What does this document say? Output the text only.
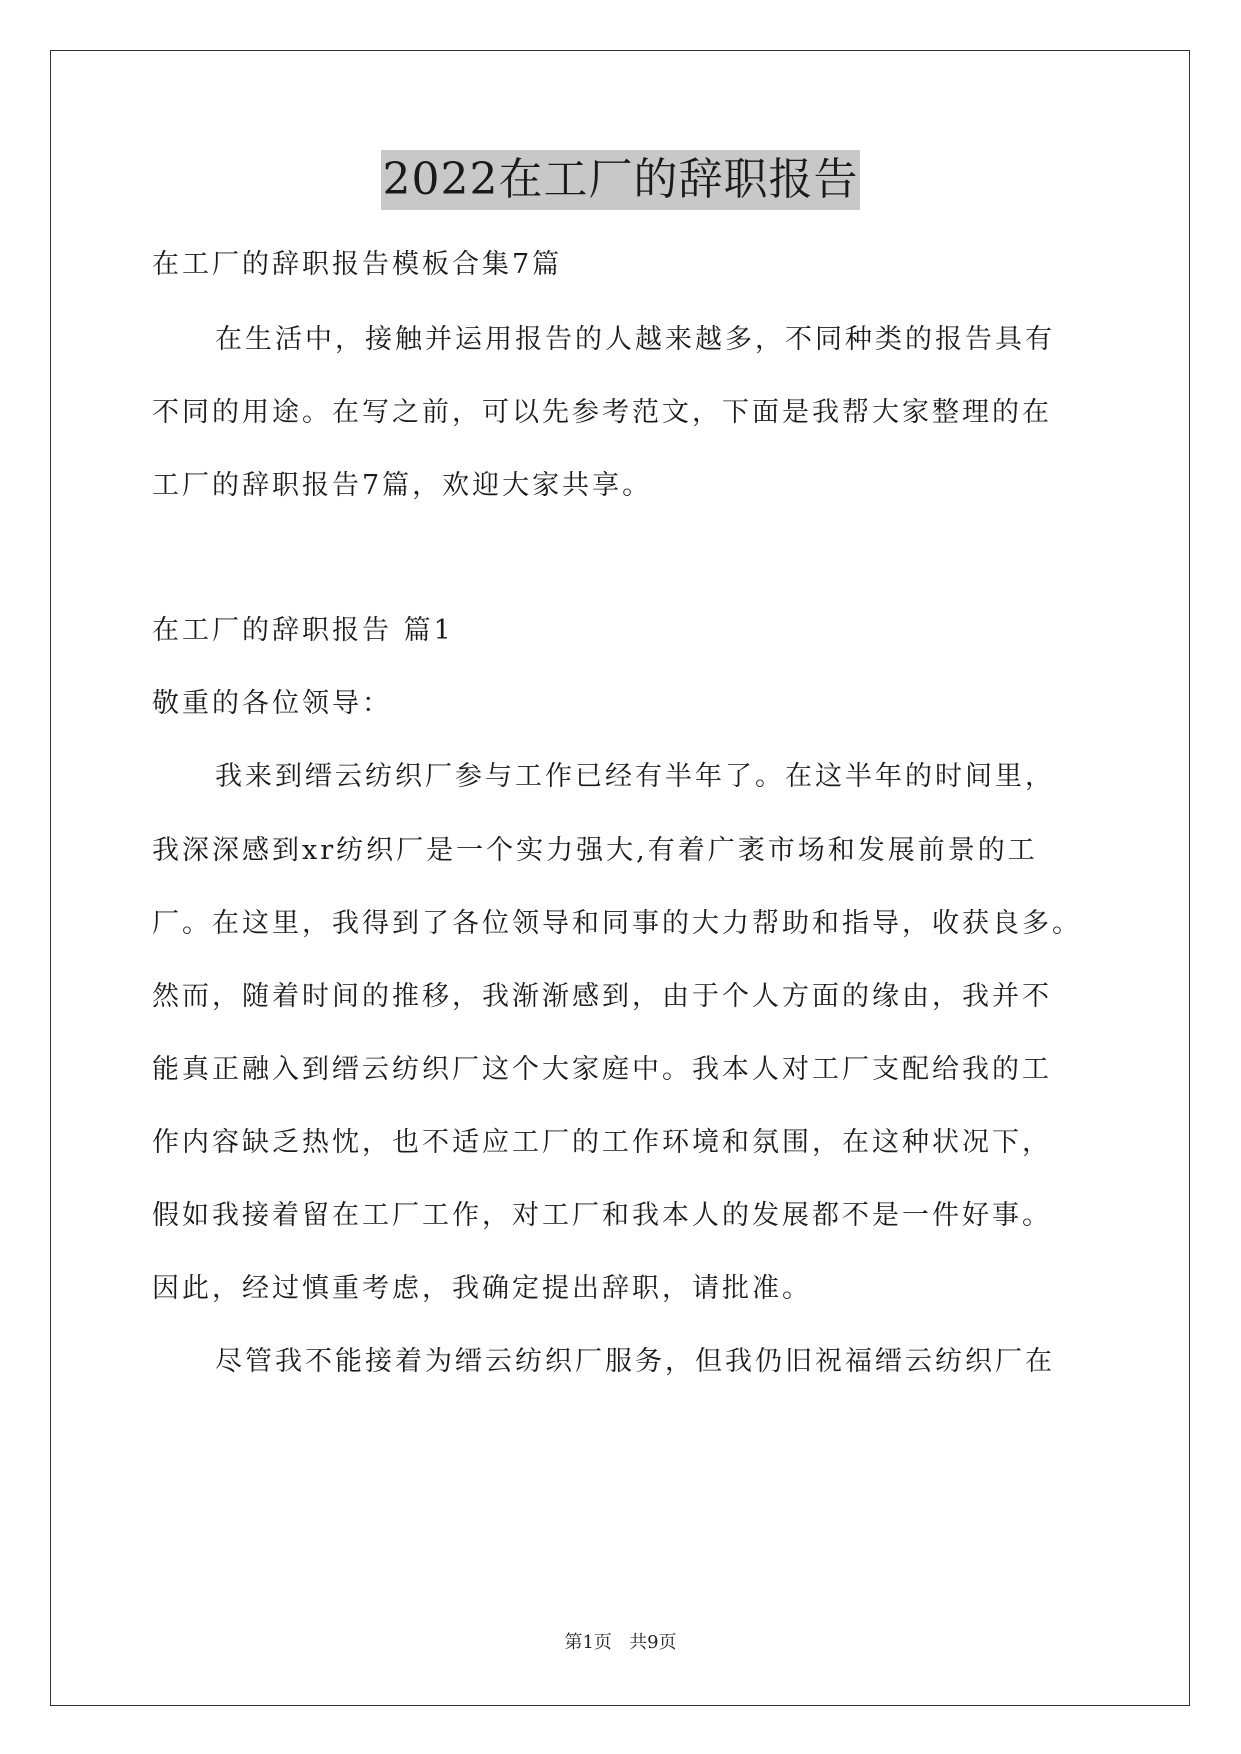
2022在工厂的辞职报告
在工厂的辞职报告模板合集7篇
在生活中，接触并运用报告的人越来越多，不同种类的报告具有
不同的用途。在写之前，可以先参考范文，下面是我帮大家整理的在
工厂的辞职报告7篇，欢迎大家共享。
在工厂的辞职报告 篇1
敬重的各位领导：
我来到缙云纺织厂参与工作已经有半年了。在这半年的时间里，
我深深感到xr纺织厂是一个实力强大,有着广袤市场和发展前景的工
厂。在这里，我得到了各位领导和同事的大力帮助和指导，收获良多。
然而，随着时间的推移，我渐渐感到，由于个人方面的缘由，我并不
能真正融入到缙云纺织厂这个大家庭中。我本人对工厂支配给我的工
作内容缺乏热忱，也不适应工厂的工作环境和氛围，在这种状况下，
假如我接着留在工厂工作，对工厂和我本人的发展都不是一件好事。
因此，经过慎重考虑，我确定提出辞职，请批准。
尽管我不能接着为缙云纺织厂服务，但我仍旧祝福缙云纺织厂在
第1页   共9页
